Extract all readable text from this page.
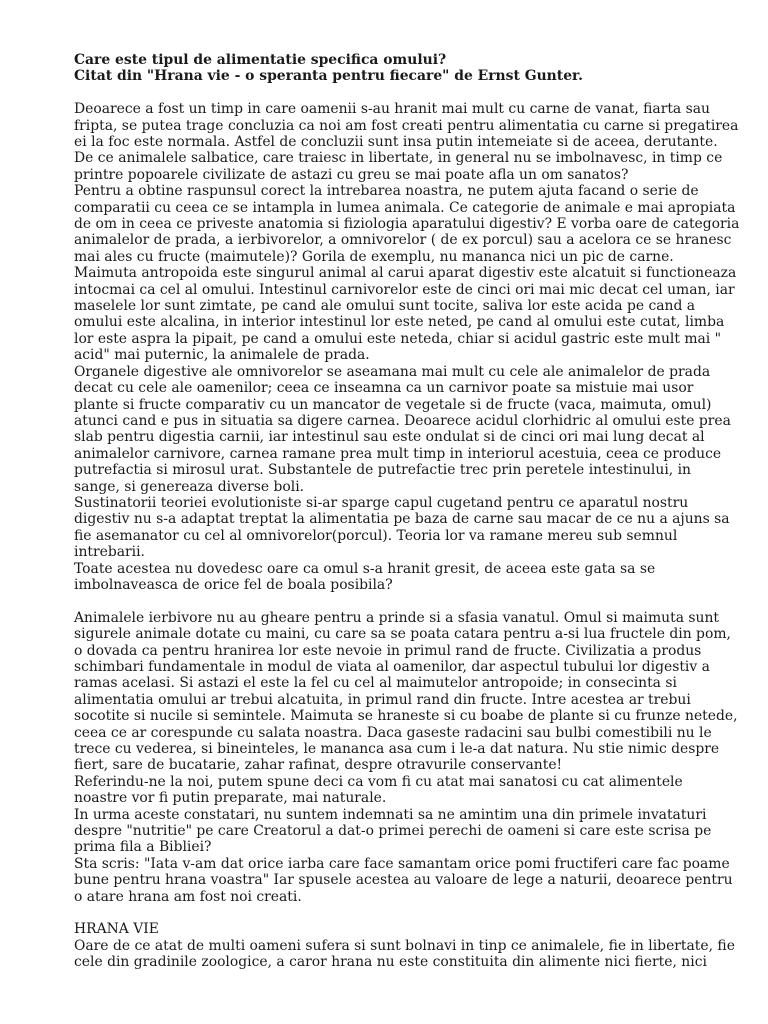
Care este tipul de alimentatie specifica omului?
Citat din "Hrana vie - o speranta pentru fiecare" de Ernst Gunter.

Deoarece a fost un timp in care oamenii s-au hranit mai mult cu carne de vanat, fiarta sau fripta, se putea trage concluzia ca noi am fost creati pentru alimentatia cu carne si pregatirea ei la foc este normala. Astfel de concluzii sunt insa putin intemeiate si de aceea, derutante.

De ce animalele salbatice, care traiesc in libertate, in general nu se imbolnavesc, in timp ce printre popoarele civilizate de astazi cu greu se mai poate afla un om sanatos?

Pentru a obtine raspunsul corect la intrebarea noastra, ne putem ajuta facand o serie de comparatii cu ceea ce se intampla in lumea animala. Ce categorie de animale e mai apropiata de om in ceea ce priveste anatomia si fiziologia aparatului digestiv? E vorba oare de categoria animalelor de prada, a ierbivorelor, a omnivorelor ( de ex porcul) sau a acelora ce se hranesc mai ales cu fructe (maimutele)? Gorila de exemplu, nu mananca nici un pic de carne. Maimuta antropoida este singurul animal al carui aparat digestiv este alcatuit si functioneaza intocmai ca cel al omului. Intestinul carnivorelor este de cinci ori mai mic decat cel uman, iar maselele lor sunt zimtate, pe cand ale omului sunt tocite, saliva lor este acida pe cand a omului este alcalina, in interior intestinul lor este neted, pe cand al omului este cutat, limba lor este aspra la pipait, pe cand a omului este neteda, chiar si acidul gastric este mult mai " acid" mai puternic, la animalele de prada.

Organele digestive ale omnivorelor se aseamana mai mult cu cele ale animalelor de prada decat cu cele ale oamenilor; ceea ce inseamna ca un carnivor poate sa mistuie mai usor plante si fructe comparativ cu un mancator de vegetale si de fructe (vaca, maimuta, omul) atunci cand e pus in situatia sa digere carnea. Deoarece acidul clorhidric al omului este prea slab pentru digestia carnii, iar intestinul sau este ondulat si de cinci ori mai lung decat al animalelor carnivore, carnea ramane prea mult timp in interiorul acestuia, ceea ce produce putrefactia si mirosul urat. Substantele de putrefactie trec prin peretele intestinului, in sange, si genereaza diverse boli.

Sustinatorii teoriei evolutioniste si-ar sparge capul cugetand pentru ce aparatul nostru digestiv nu s-a adaptat treptat la alimentatia pe baza de carne sau macar de ce nu a ajuns sa fie asemanator cu cel al omnivorelor(porcul). Teoria lor va ramane mereu sub semnul intrebarii.

Toate acestea nu dovedesc oare ca omul s-a hranit gresit, de aceea este gata sa se imbolnaveasca de orice fel de boala posibila?

Animalele ierbivore nu au gheare pentru a prinde si a sfasia vanatul. Omul si maimuta sunt sigurele animale dotate cu maini, cu care sa se poata catara pentru a-si lua fructele din pom, o dovada ca pentru hranirea lor este nevoie in primul rand de fructe. Civilizatia a produs schimbari fundamentale in modul de viata al oamenilor, dar aspectul tubului lor digestiv a ramas acelasi. Si astazi el este la fel cu cel al maimutelor antropoide; in consecinta si alimentatia omului ar trebui alcatuita, in primul rand din fructe. Intre acestea ar trebui socotite si nucile si semintele. Maimuta se hraneste si cu boabe de plante si cu frunze netede, ceea ce ar corespunde cu salata noastra. Daca gaseste radacini sau bulbi comestibili nu le trece cu vederea, si bineinteles, le mananca asa cum i le-a dat natura. Nu stie nimic despre fiert, sare de bucatarie, zahar rafinat, despre otravurile conservante!

Referindu-ne la noi, putem spune deci ca vom fi cu atat mai sanatosi cu cat alimentele noastre vor fi putin preparate, mai naturale.

In urma aceste constatari, nu suntem indemnati sa ne amintim una din primele invataturi despre "nutritie" pe care Creatorul a dat-o primei perechi de oameni si care este scrisa pe prima fila a Bibliei?

Sta scris: "Iata v-am dat orice iarba care face samantam orice pomi fructiferi care fac poame bune pentru hrana voastra" Iar spusele acestea au valoare de lege a naturii, deoarece pentru o atare hrana am fost noi creati.

HRANA VIE

Oare de ce atat de multi oameni sufera si sunt bolnavi in tinp ce animalele, fie in libertate, fie cele din gradinile zoologice, a caror hrana nu este constituita din alimente nici fierte, nici
